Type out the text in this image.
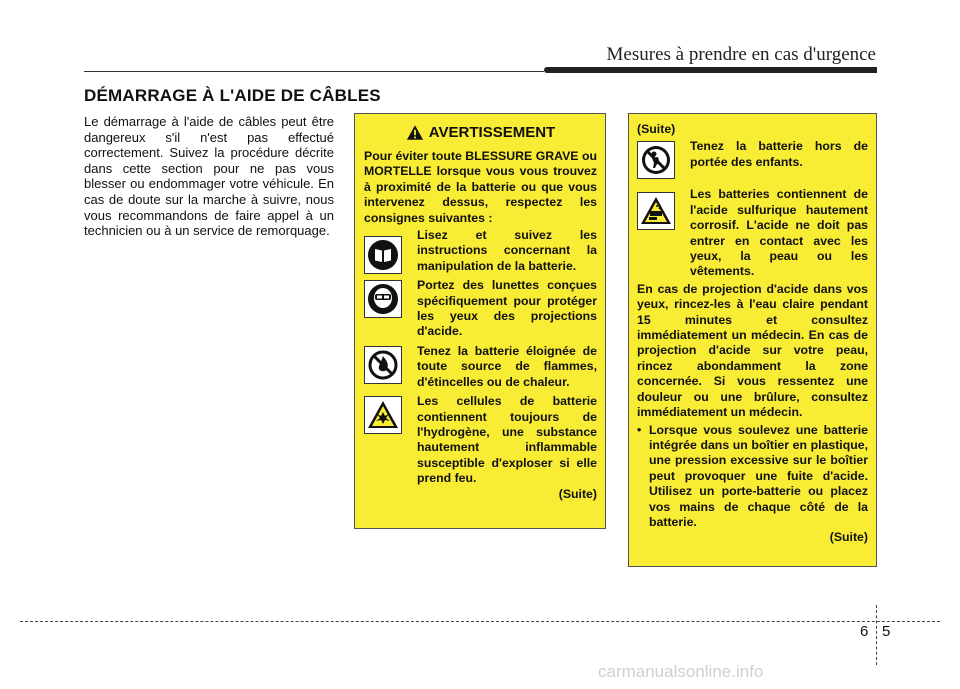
Mesures à prendre en cas d'urgence
DÉMARRAGE À L'AIDE DE CÂBLES
Le démarrage à l'aide de câbles peut être dangereux s'il n'est pas effectué correctement. Suivez la procédure décrite dans cette section pour ne pas vous blesser ou endommager votre véhicule. En cas de doute sur la marche à suivre, nous vous recommandons de faire appel à un technicien ou à un service de remorquage.
AVERTISSEMENT
Pour éviter toute BLESSURE GRAVE ou MORTELLE lorsque vous vous trouvez à proximité de la batterie ou que vous intervenez dessus, respectez les consignes suivantes :
Lisez et suivez les instructions concernant la manipulation de la batterie.
Portez des lunettes conçues spécifiquement pour protéger les yeux des projections d'acide.
Tenez la batterie éloignée de toute source de flammes, d'étincelles ou de chaleur.
Les cellules de batterie contiennent toujours de l'hydrogène, une substance hautement inflammable susceptible d'exploser si elle prend feu.
(Suite)
(Suite)
Tenez la batterie hors de portée des enfants.
Les batteries contiennent de l'acide sulfurique hautement corrosif. L'acide ne doit pas entrer en contact avec les yeux, la peau ou les vêtements.
En cas de projection d'acide dans vos yeux, rincez-les à l'eau claire pendant 15 minutes et consultez immédiatement un médecin. En cas de projection d'acide sur votre peau, rincez abondamment la zone concernée. Si vous ressentez une douleur ou une brûlure, consultez immédiatement un médecin.
• Lorsque vous soulevez une batterie intégrée dans un boîtier en plastique, une pression excessive sur le boîtier peut provoquer une fuite d'acide. Utilisez un porte-batterie ou placez vos mains de chaque côté de la batterie.
(Suite)
6 5
carmanualsonline.info
